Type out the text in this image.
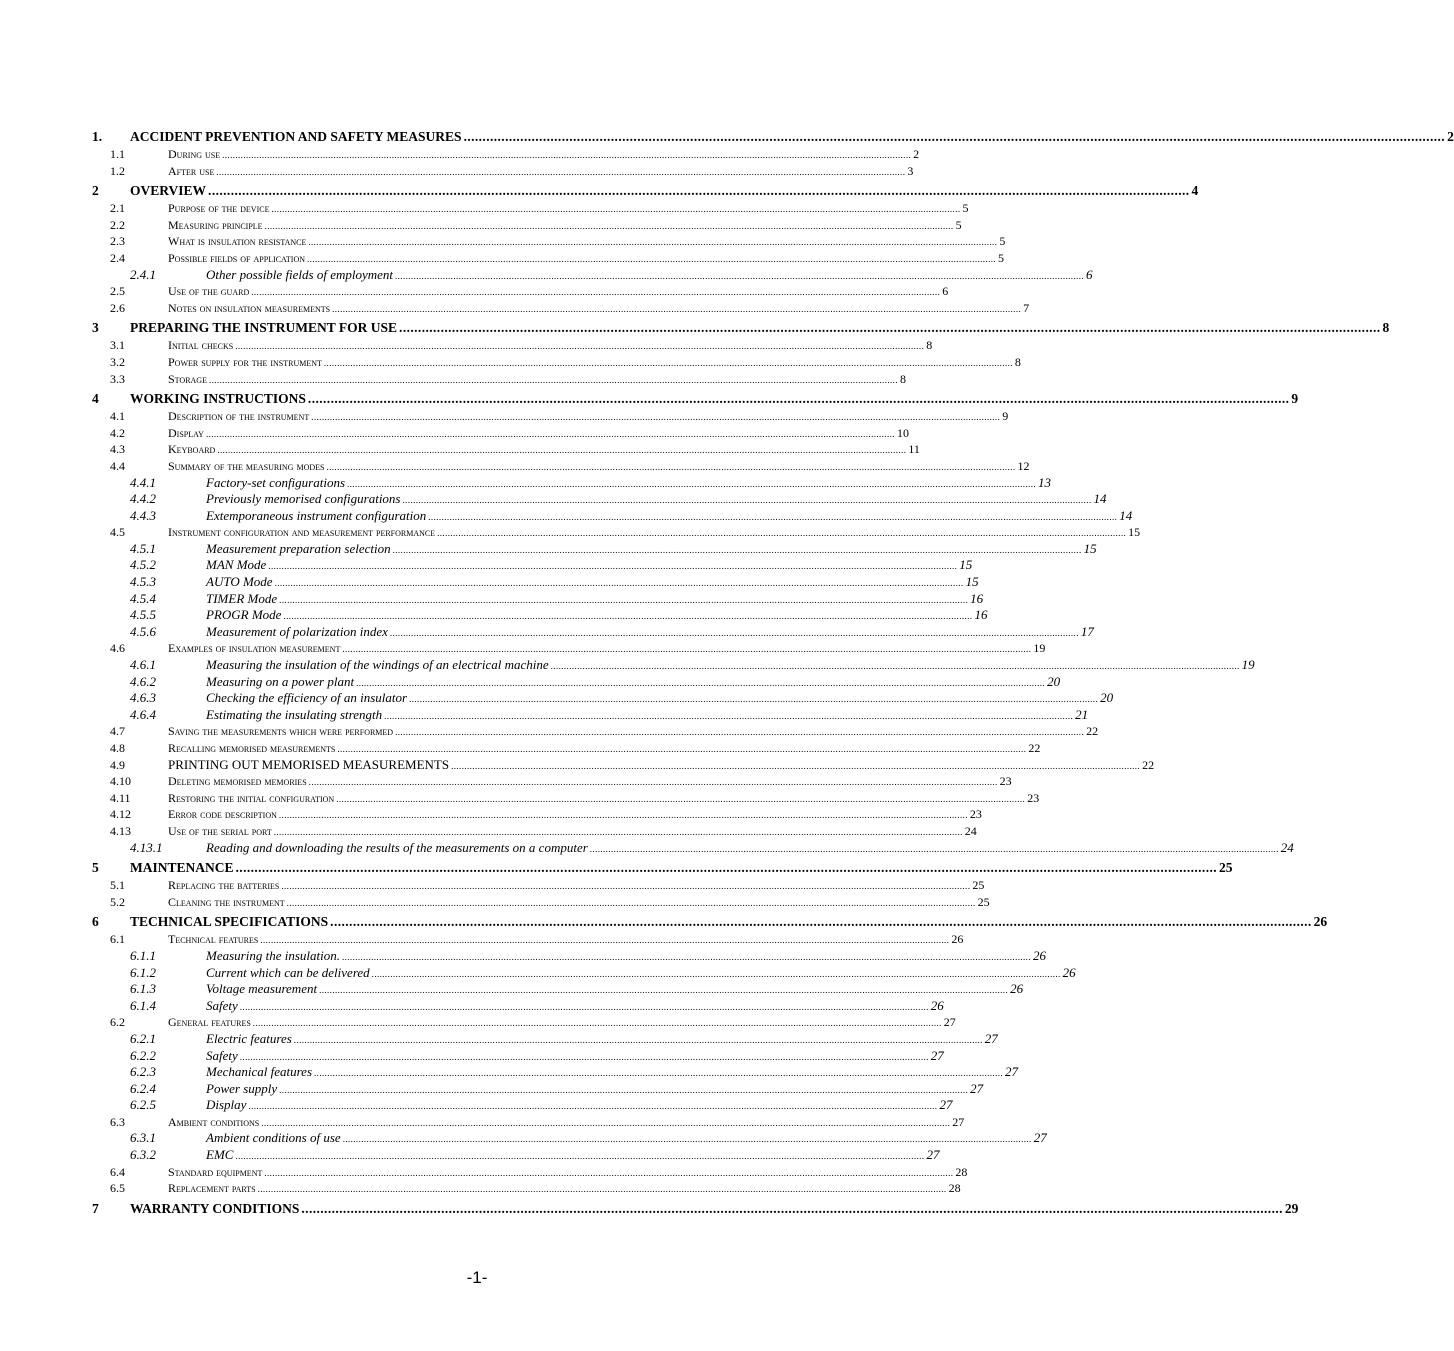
1.	ACCIDENT PREVENTION AND SAFETY MEASURES .................................................................................................................................................................................................................................................................... 2
1.1	During use .................................................................................................................................................................................................................................................................... 2
1.2	After use .................................................................................................................................................................................................................................................................... 3
2	OVERVIEW .................................................................................................................................................................................................................................................................... 4
2.1	Purpose of the device .................................................................................................................................................................................................................................................................... 5
2.2	Measuring principle .................................................................................................................................................................................................................................................................... 5
2.3	What is insulation resistance .................................................................................................................................................................................................................................................................... 5
2.4	Possible fields of application .................................................................................................................................................................................................................................................................... 5
2.4.1	Other possible fields of employment .................................................................................................................................................................................................................................................................... 6
2.5	Use of the guard .................................................................................................................................................................................................................................................................... 6
2.6	Notes on insulation measurements .................................................................................................................................................................................................................................................................... 7
3	PREPARING THE INSTRUMENT FOR USE .................................................................................................................................................................................................................................................................... 8
3.1	Initial checks .................................................................................................................................................................................................................................................................... 8
3.2	Power supply for the instrument .................................................................................................................................................................................................................................................................... 8
3.3	Storage .................................................................................................................................................................................................................................................................... 8
4	WORKING INSTRUCTIONS .................................................................................................................................................................................................................................................................... 9
4.1	Description of the instrument .................................................................................................................................................................................................................................................................... 9
4.2	Display .................................................................................................................................................................................................................................................................... 10
4.3	Keyboard .................................................................................................................................................................................................................................................................... 11
4.4	Summary of the measuring modes .................................................................................................................................................................................................................................................................... 12
4.4.1	Factory-set configurations .................................................................................................................................................................................................................................................................... 13
4.4.2	Previously memorised configurations .................................................................................................................................................................................................................................................................... 14
4.4.3	Extemporaneous instrument configuration .................................................................................................................................................................................................................................................................... 14
4.5	Instrument configuration and measurement performance .................................................................................................................................................................................................................................................................... 15
4.5.1	Measurement preparation selection .................................................................................................................................................................................................................................................................... 15
4.5.2	MAN Mode .................................................................................................................................................................................................................................................................... 15
4.5.3	AUTO Mode .................................................................................................................................................................................................................................................................... 15
4.5.4	TIMER Mode .................................................................................................................................................................................................................................................................... 16
4.5.5	PROGR Mode .................................................................................................................................................................................................................................................................... 16
4.5.6	Measurement of polarization index .................................................................................................................................................................................................................................................................... 17
4.6	Examples of insulation measurement .................................................................................................................................................................................................................................................................... 19
4.6.1	Measuring the insulation of the windings of an electrical machine .................................................................................................................................................................................................................................................................... 19
4.6.2	Measuring on a power plant .................................................................................................................................................................................................................................................................... 20
4.6.3	Checking the efficiency of an insulator .................................................................................................................................................................................................................................................................... 20
4.6.4	Estimating the insulating strength .................................................................................................................................................................................................................................................................... 21
4.7	Saving the measurements which were performed .................................................................................................................................................................................................................................................................... 22
4.8	Recalling memorised measurements .................................................................................................................................................................................................................................................................... 22
4.9	PRINTING OUT MEMORISED MEASUREMENTS .................................................................................................................................................................................................................................................................... 22
4.10	Deleting memorised memories .................................................................................................................................................................................................................................................................... 23
4.11	Restoring the initial configuration .................................................................................................................................................................................................................................................................... 23
4.12	Error code description .................................................................................................................................................................................................................................................................... 23
4.13	Use of the serial port .................................................................................................................................................................................................................................................................... 24
4.13.1	Reading and downloading the results of the measurements on a computer .................................................................................................................................................................................................................................................................... 24
5	MAINTENANCE .................................................................................................................................................................................................................................................................... 25
5.1	Replacing the batteries .................................................................................................................................................................................................................................................................... 25
5.2	Cleaning the instrument .................................................................................................................................................................................................................................................................... 25
6	TECHNICAL SPECIFICATIONS .................................................................................................................................................................................................................................................................... 26
6.1	Technical features .................................................................................................................................................................................................................................................................... 26
6.1.1	Measuring the insulation. .................................................................................................................................................................................................................................................................... 26
6.1.2	Current which can be delivered .................................................................................................................................................................................................................................................................... 26
6.1.3	Voltage measurement .................................................................................................................................................................................................................................................................... 26
6.1.4	Safety .................................................................................................................................................................................................................................................................... 26
6.2	General features .................................................................................................................................................................................................................................................................... 27
6.2.1	Electric features .................................................................................................................................................................................................................................................................... 27
6.2.2	Safety .................................................................................................................................................................................................................................................................... 27
6.2.3	Mechanical features .................................................................................................................................................................................................................................................................... 27
6.2.4	Power supply .................................................................................................................................................................................................................................................................... 27
6.2.5	Display .................................................................................................................................................................................................................................................................... 27
6.3	Ambient conditions .................................................................................................................................................................................................................................................................... 27
6.3.1	Ambient conditions of use .................................................................................................................................................................................................................................................................... 27
6.3.2	EMC .................................................................................................................................................................................................................................................................... 27
6.4	Standard equipment .................................................................................................................................................................................................................................................................... 28
6.5	Replacement parts .................................................................................................................................................................................................................................................................... 28
7	WARRANTY CONDITIONS .................................................................................................................................................................................................................................................................... 29
-1-
